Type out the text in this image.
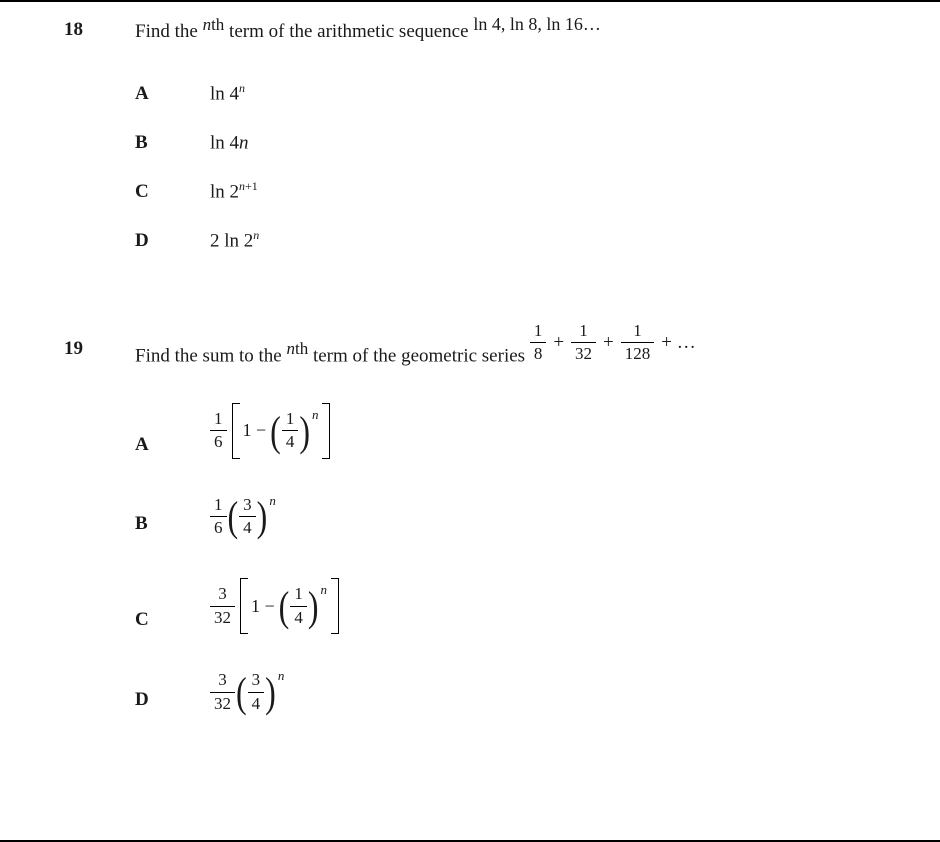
18	Find the nth term of the arithmetic sequence ln 4, ln 8, ln 16…
A	ln 4$^n$
B	ln 4n
C	$\ln 2^{n+1}$
D	2 ln 2$^n$
19	Find the sum to the nth term of the geometric series $\frac{1}{8} + \frac{1}{32} + \frac{1}{128}$ + …
A	$\frac{1}{6} 1$ − ( $\frac{1}{4} )^n$
B	$\frac{1}{6}$ ( $\frac{3}{4} )^n$
C	$\frac{3}{32} 1$ − ( $\frac{1}{4} )^n$
D	$\frac{3}{32}$ ( $\frac{3}{4} )^n$
